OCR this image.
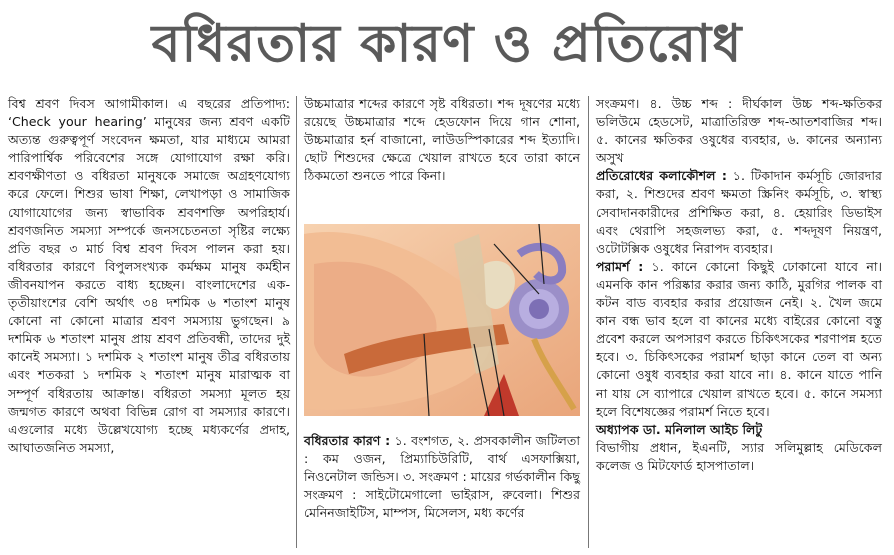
বধিরতার কারণ ও প্রতিরোধ

বিশ্ব শ্রবণ দিবস আগামীকাল। এ বছরের প্রতিপাদ্য: ‘Check your hearing’ মানুষের জন্য শ্রবণ একটি অত্যন্ত গুরুত্বপূর্ণ সংবেদন ক্ষমতা, যার মাধ্যমে আমরা পারিপার্শ্বিক পরিবেশের সঙ্গে যোগাযোগ রক্ষা করি। শ্রবণক্ষীণতা ও বধিরতা মানুষকে সমাজে অগ্রহণযোগ্য করে ফেলে। শিশুর ভাষা শিক্ষা, লেখাপড়া ও সামাজিক যোগাযোগের জন্য স্বাভাবিক শ্রবণশক্তি অপরিহার্য। শ্রবণজনিত সমস্যা সম্পর্কে জনসচেতনতা সৃষ্টির লক্ষ্যে প্রতি বছর ৩ মার্চ বিশ্ব শ্রবণ দিবস পালন করা হয়। বধিরতার কারণে বিপুলসংখ্যক কর্মক্ষম মানুষ কর্মহীন জীবনযাপন করতে বাধ্য হচ্ছেন। বাংলাদেশের এক-তৃতীয়াংশের বেশি অর্থাৎ ৩৪ দশমিক ৬ শতাংশ মানুষ কোনো না কোনো মাত্রার শ্রবণ সমস্যায় ভুগছেন। ৯ দশমিক ৬ শতাংশ মানুষ প্রায় শ্রবণ প্রতিবন্ধী, তাদের দুই কানেই সমস্যা। ১ দশমিক ২ শতাংশ মানুষ তীব্র বধিরতায় এবং শতকরা ১ দশমিক ২ শতাংশ মানুষ মারাত্মক বা সম্পূর্ণ বধিরতায় আক্রান্ত। বধিরতা সমস্যা মূলত হয় জন্মগত কারণে অথবা বিভিন্ন রোগ বা সমস্যার কারণে। এগুলোর মধ্যে উল্লেখযোগ্য হচ্ছে মধ্যকর্ণের প্রদাহ, আঘাতজনিত সমস্যা,

উচ্চমাত্রার শব্দের কারণে সৃষ্ট বধিরতা। শব্দ দূষণের মধ্যে রয়েছে উচ্চমাত্রার শব্দে হেডফোন দিয়ে গান শোনা, উচ্চমাত্রার হর্ন বাজানো, লাউডস্পিকারের শব্দ ইত্যাদি। ছোট শিশুদের ক্ষেত্রে খেয়াল রাখতে হবে তারা কানে ঠিকমতো শুনতে পারে কিনা।

বধিরতার কারণ : ১. বংশগত, ২. প্রসবকালীন জটিলতা : কম ওজন, প্রিম্যাচিউরিটি, বার্থ এসফাক্সিয়া, নিওনেটাল জন্ডিস। ৩. সংক্রমণ : মায়ের গর্ভকালীন কিছু সংক্রমণ : সাইটোমেগালো ভাইরাস, রুবেলা। শিশুর মেনিনজাইটিস, মাম্পস, মিসেলস, মধ্য কর্ণের

সংক্রমণ। ৪. উচ্চ শব্দ : দীর্ঘকাল উচ্চ শব্দ-ক্ষতিকর ভলিউমে হেডসেট, মাত্রাতিরিক্ত শব্দ-আতশবাজির শব্দ। ৫. কানের ক্ষতিকর ওষুধের ব্যবহার, ৬. কানের অন্যান্য অসুখ

প্রতিরোধের কলাকৌশল : ১. টিকাদান কর্মসূচি জোরদার করা, ২. শিশুদের শ্রবণ ক্ষমতা স্ক্রিনিং কর্মসূচি, ৩. স্বাস্থ্য সেবাদানকারীদের প্রশিক্ষিত করা, ৪. হেয়ারিং ডিভাইস এবং থেরাপি সহজলভ্য করা, ৫. শব্দদূষণ নিয়ন্ত্রণ, ওটোটক্সিক ওষুধের নিরাপদ ব্যবহার।

পরামর্শ : ১. কানে কোনো কিছুই ঢোকানো যাবে না। এমনকি কান পরিষ্কার করার জন্য কাঠি, মুরগির পালক বা কটন বাড ব্যবহার করার প্রয়োজন নেই। ২. খৈল জমে কান বন্ধ ভাব হলে বা কানের মধ্যে বাইরের কোনো বস্তু প্রবেশ করলে অপসারণ করতে চিকিৎসকের শরণাপন্ন হতে হবে। ৩. চিকিৎসকের পরামর্শ ছাড়া কানে তেল বা অন্য কোনো ওষুধ ব্যবহার করা যাবে না। ৪. কানে যাতে পানি না যায় সে ব্যাপারে খেয়াল রাখতে হবে। ৫. কানে সমস্যা হলে বিশেষজ্ঞের পরামর্শ নিতে হবে।

অধ্যাপক ডা. মনিলাল আইচ লিটু

বিভাগীয় প্রধান, ইএনটি, স্যার সলিমুল্লাহ মেডিকেল কলেজ ও মিটফোর্ড হাসপাতাল।
